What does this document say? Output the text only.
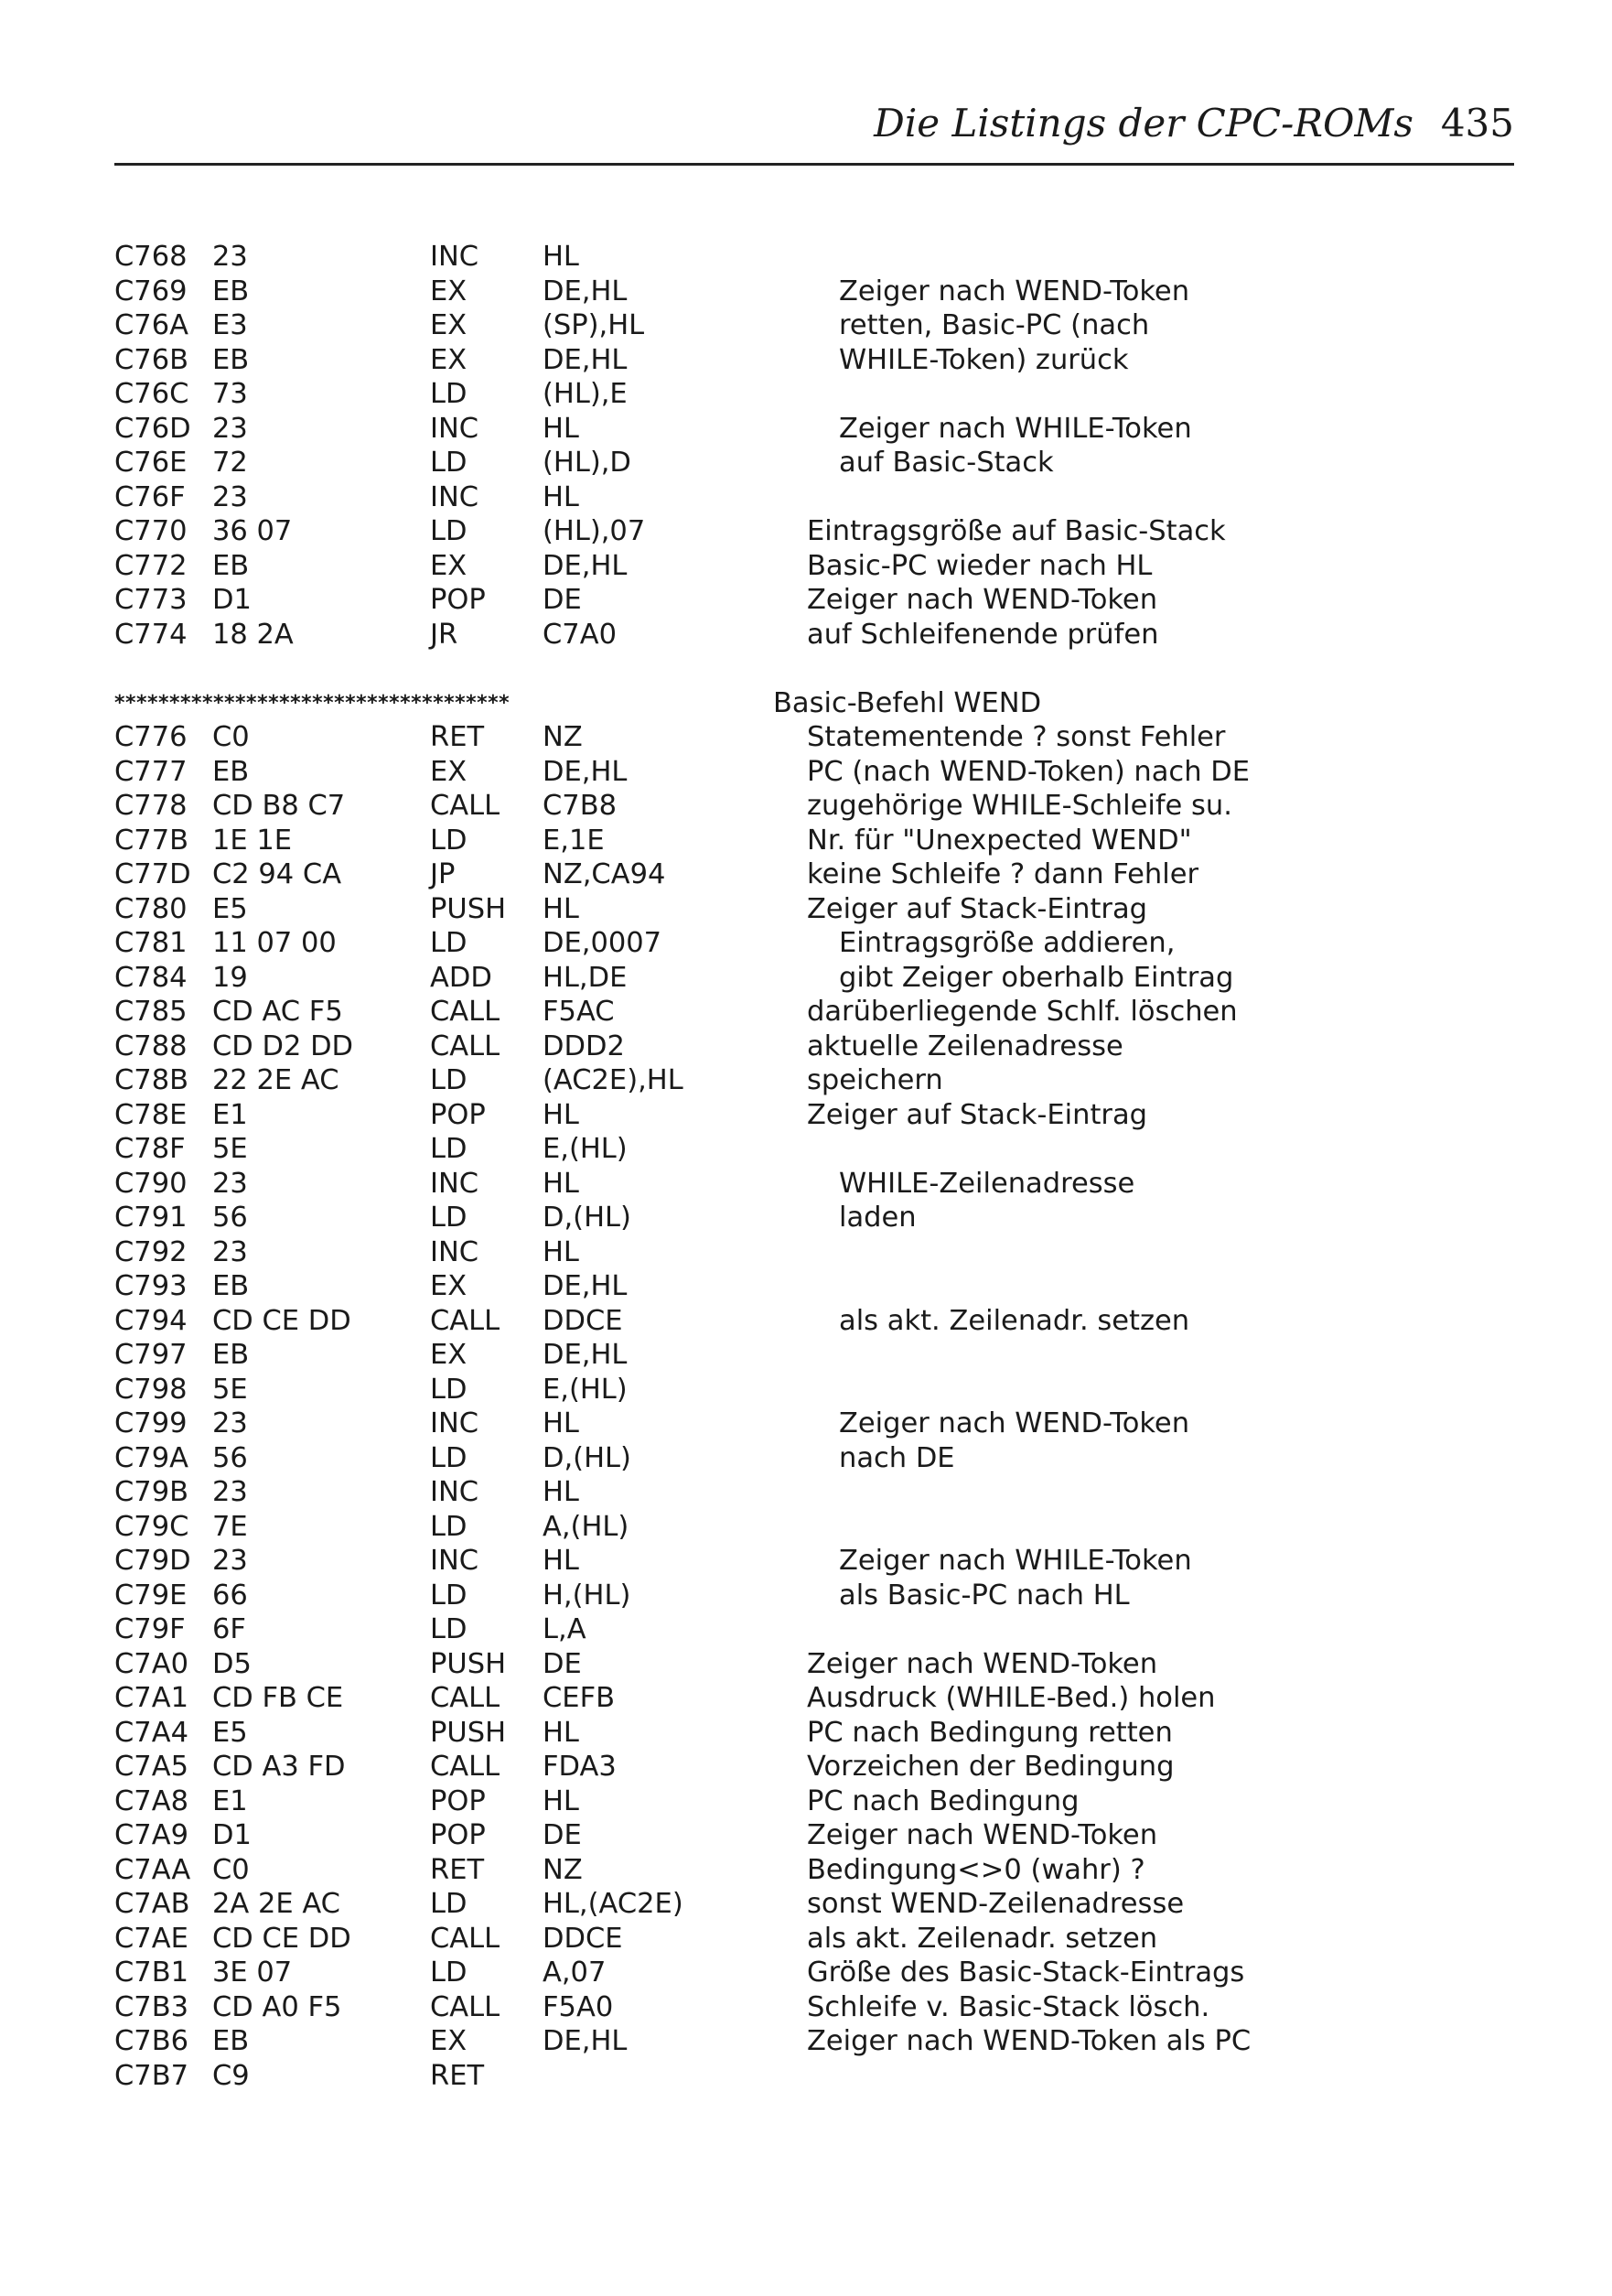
Die Listings der CPC-ROMs 435
C768 23	INC HL
C769 EB	EX	DE,HL	Zeiger nach WEND-Token
C76A E3	EX	(SP),HL	retten, Basic-PC (nach
C76B EB	EX	DE,HL	WHILE-Token) zurück
C76C 73	LD	(HL),E
C76D 23	INC HL	Zeiger nach WHILE-Token
C76E 72	LD	(HL),D	auf Basic-Stack
C76F 23	INC HL
C770 36 07	LD	(HL),07	Eintragsgröße auf Basic-Stack
C772 EB	EX	DE,HL	Basic-PC wieder nach HL
C773 D1	POP DE	Zeiger nach WEND-Token
C774 18 2A	JR	C7A0	auf Schleifenende prüfen

************************************

	Basic-Befehl WEND

C776 C0	RET NZ	Statementende ? sonst Fehler
C777 EB	EX	DE,HL	PC (nach WEND-Token) nach DE
C778 CD B8 C7	CALL C7B8	zugehörige WHILE-Schleife su.
C77B 1E 1E	LD	E,1E	Nr. für "Unexpected WEND"
C77D C2 94 CA	JP	NZ,CA94	keine Schleife ? dann Fehler
C780 E5	PUSH HL	Zeiger auf Stack-Eintrag
C781 11 07 00	LD	DE,0007	Eintragsgröße addieren,
C784 19	ADD HL,DE	gibt Zeiger oberhalb Eintrag
C785 CD AC F5	CALL F5AC	darüberliegende Schlf. löschen
C788 CD D2 DD	CALL DDD2	aktuelle Zeilenadresse
C78B 22 2E AC	LD	(AC2E),HL	speichern
C78E E1	POP HL	Zeiger auf Stack-Eintrag
C78F 5E	LD	E,(HL)
C790 23	INC HL	WHILE-Zeilenadresse
C791 56	LD	D,(HL)	laden
C792 23	INC HL
C793 EB	EX	DE,HL
C794 CD CE DD	CALL DDCE	als akt. Zeilenadr. setzen
C797 EB	EX	DE,HL
C798 5E	LD	E,(HL)
C799 23	INC HL	Zeiger nach WEND-Token
C79A 56	LD	D,(HL)	nach DE
C79B 23	INC HL
C79C 7E	LD	A,(HL)
C79D 23	INC HL	Zeiger nach WHILE-Token
C79E 66	LD	H,(HL)	als Basic-PC nach HL
C79F 6F	LD	L,A
C7A0 D5	PUSH DE	Zeiger nach WEND-Token
C7A1 CD FB CE	CALL CEFB	Ausdruck (WHILE-Bed.) holen
C7A4 E5	PUSH HL	PC nach Bedingung retten
C7A5 CD A3 FD	CALL FDA3	Vorzeichen der Bedingung
C7A8 E1	POP HL	PC nach Bedingung
C7A9 D1	POP DE	Zeiger nach WEND-Token
C7AA C0	RET NZ	Bedingung<>0 (wahr) ?
C7AB 2A 2E AC	LD	HL,(AC2E)	sonst WEND-Zeilenadresse
C7AE CD CE DD	CALL DDCE	als akt. Zeilenadr. setzen
C7B1 3E 07	LD	A,07	Größe des Basic-Stack-Eintrags
C7B3 CD A0 F5	CALL F5A0	Schleife v. Basic-Stack lösch.
C7B6 EB	EX	DE,HL	Zeiger nach WEND-Token als PC
C7B7 C9	RET
